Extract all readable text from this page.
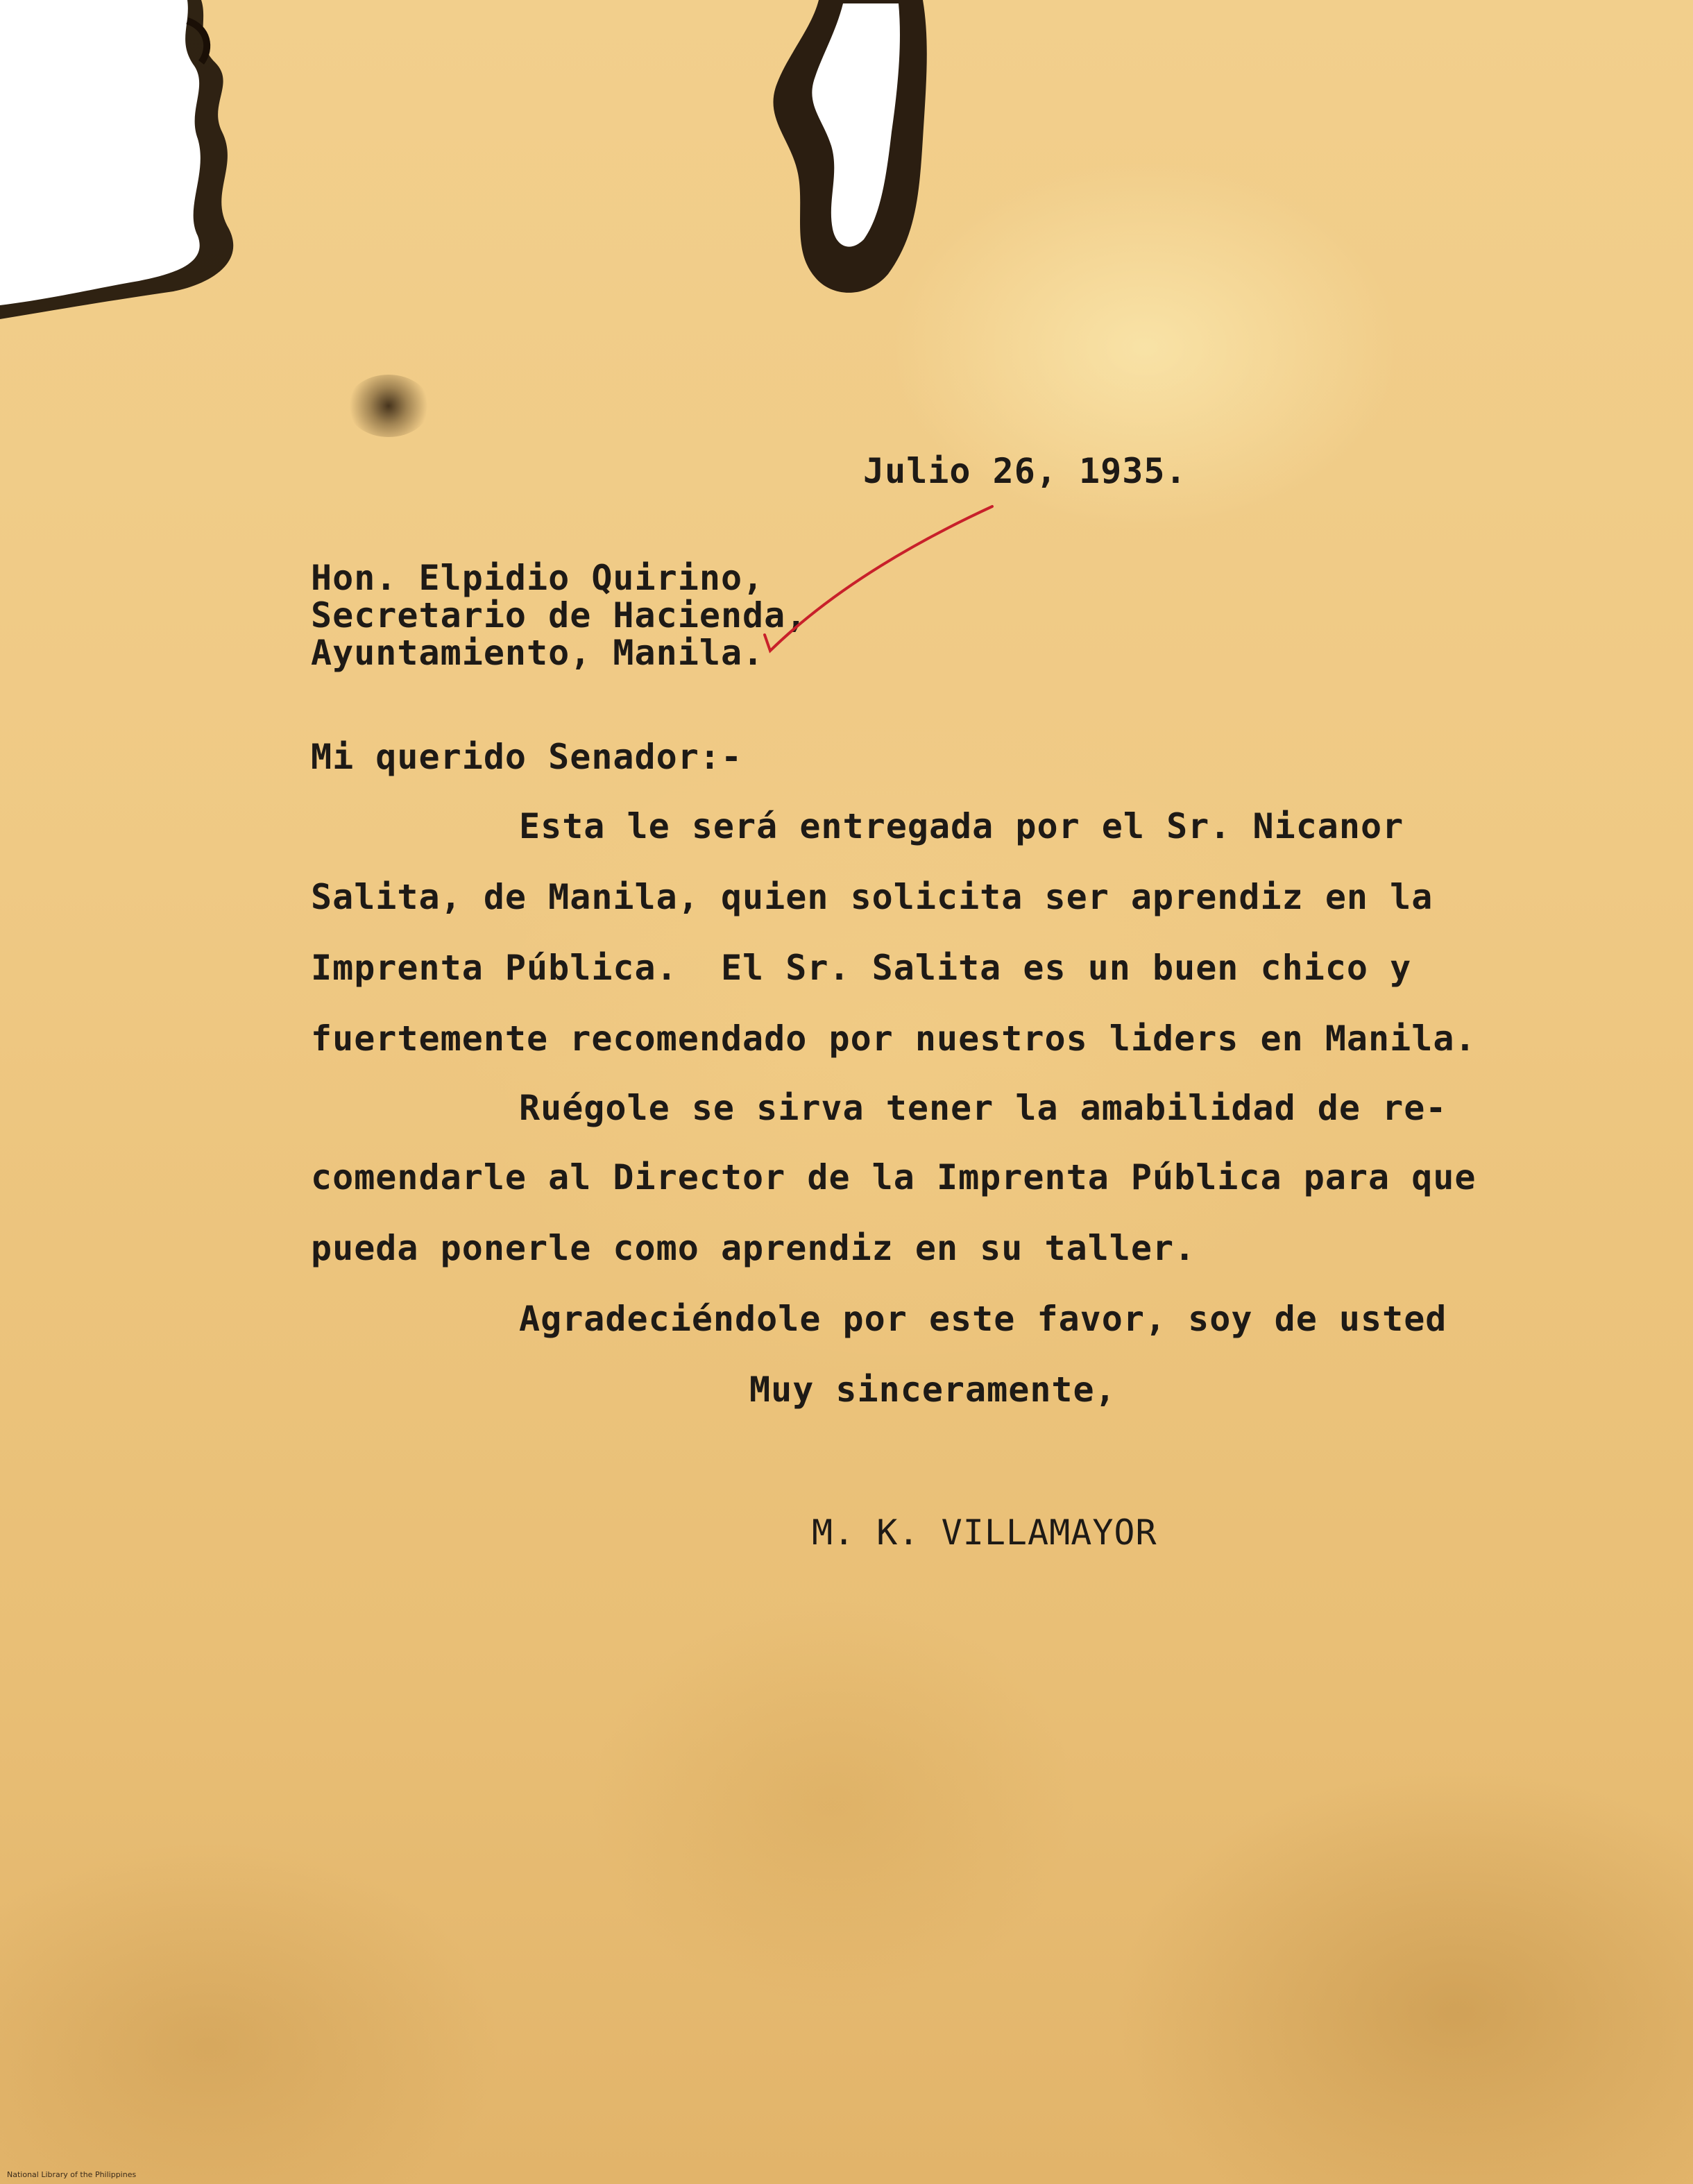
Julio 26, 1935.
Hon. Elpidio Quirino,
Secretario de Hacienda,
Ayuntamiento, Manila.
Mi querido Senador:-
Esta le será entregada por el Sr. Nicanor
Salita, de Manila, quien solicita ser aprendiz en la
Imprenta Pública.  El Sr. Salita es un buen chico y
fuertemente recomendado por nuestros liders en Manila.
Ruégole se sirva tener la amabilidad de re-
comendarle al Director de la Imprenta Pública para que
pueda ponerle como aprendiz en su taller.
Agradeciéndole por este favor, soy de usted
Muy sinceramente,
M. K. VILLAMAYOR
National Library of the Philippines
